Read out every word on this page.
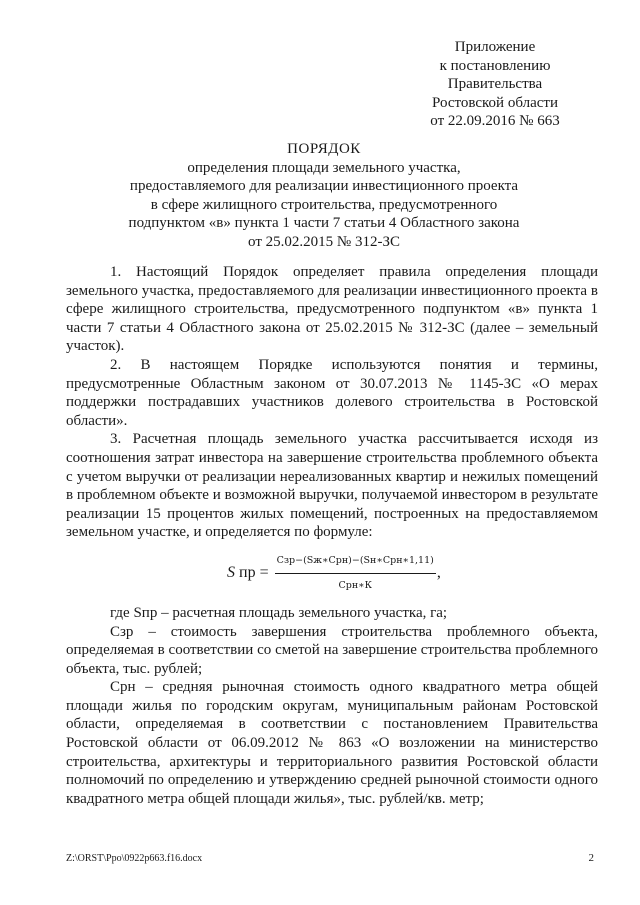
Приложение
к постановлению
Правительства
Ростовской области
от 22.09.2016 № 663
ПОРЯДОК
определения площади земельного участка,
предоставляемого для реализации инвестиционного проекта
в сфере жилищного строительства, предусмотренного
подпунктом «в» пункта 1 части 7 статьи 4 Областного закона
от 25.02.2015 № 312-ЗС

1. Настоящий Порядок определяет правила определения площади земельного участка, предоставляемого для реализации инвестиционного проекта в сфере жилищного строительства, предусмотренного подпунктом «в» пункта 1 части 7 статьи 4 Областного закона от 25.02.2015 № 312-ЗС (далее – земельный участок).

2. В настоящем Порядке используются понятия и термины, предусмотренные Областным законом от 30.07.2013 № 1145-ЗС «О мерах поддержки пострадавших участников долевого строительства в Ростовской области».

3. Расчетная площадь земельного участка рассчитывается исходя из соотношения затрат инвестора на завершение строительства проблемного объекта с учетом выручки от реализации нереализованных квартир и нежилых помещений в проблемном объекте и возможной выручки, получаемой инвестором в результате реализации 15 процентов жилых помещений, построенных на предоставляемом земельном участке, и определяется по формуле:

S пр = $\frac{\text{Сзр−(Sж∗Срн)−(Sн∗Срн∗1,11)}}{\text{Срн∗К}}$ ,

где Sпр – расчетная площадь земельного участка, га;

Сзр – стоимость завершения строительства проблемного объекта, определяемая в соответствии со сметой на завершение строительства проблемного объекта, тыс. рублей;

Срн – средняя рыночная стоимость одного квадратного метра общей площади жилья по городским округам, муниципальным районам Ростовской области, определяемая в соответствии с постановлением Правительства Ростовской области от 06.09.2012 № 863 «О возложении на министерство строительства, архитектуры и территориального развития Ростовской области полномочий по определению и утверждению средней рыночной стоимости одного квадратного метра общей площади жилья», тыс. рублей/кв. метр;

Z:\ORST\Ppo\0922p663.f16.docx	2
